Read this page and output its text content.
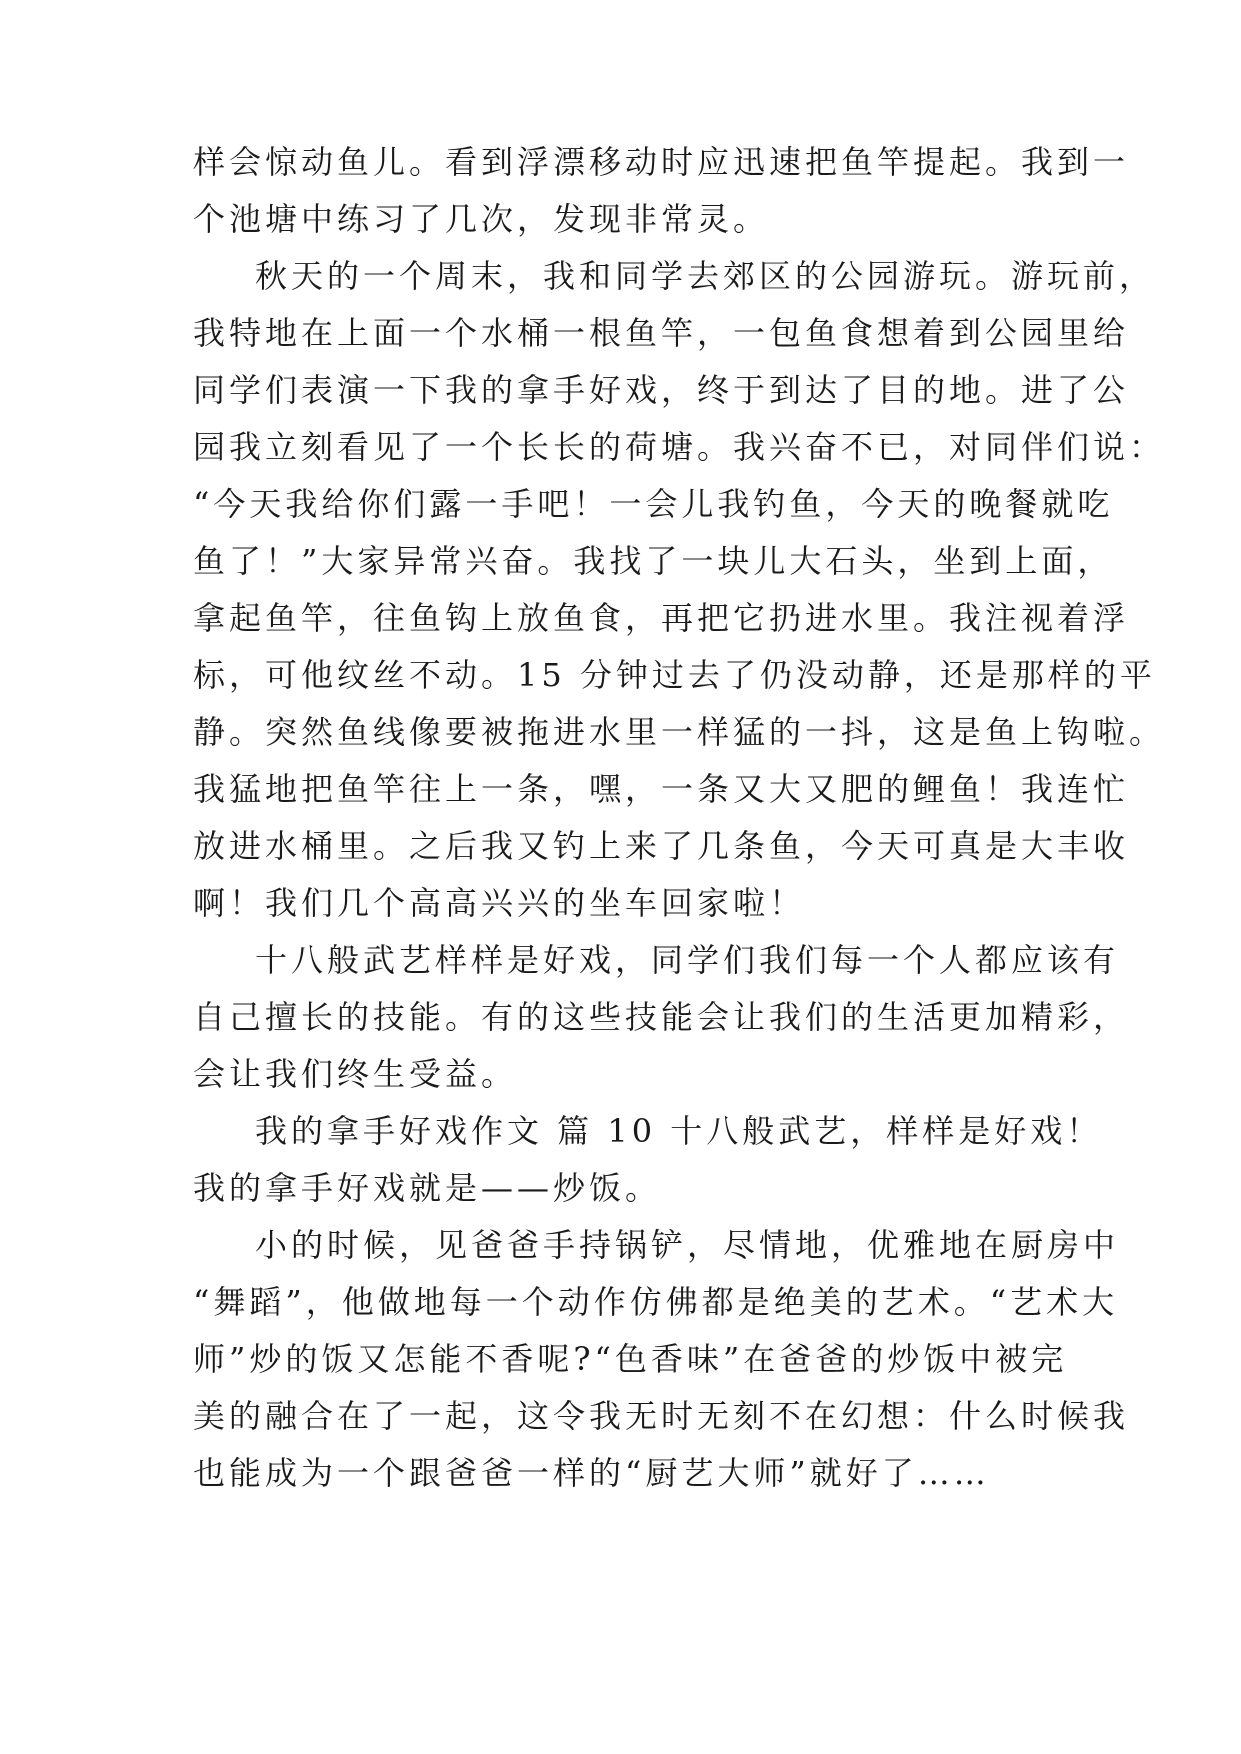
样会惊动鱼儿。看到浮漂移动时应迅速把鱼竿提起。我到一
个池塘中练习了几次，发现非常灵。
秋天的一个周末，我和同学去郊区的公园游玩。游玩前，
我特地在上面一个水桶一根鱼竿，一包鱼食想着到公园里给
同学们表演一下我的拿手好戏，终于到达了目的地。进了公
园我立刻看见了一个长长的荷塘。我兴奋不已，对同伴们说：
“今天我给你们露一手吧！一会儿我钓鱼，今天的晚餐就吃
鱼了！”大家异常兴奋。我找了一块儿大石头，坐到上面，
拿起鱼竿，往鱼钩上放鱼食，再把它扔进水里。我注视着浮
标，可他纹丝不动。15 分钟过去了仍没动静，还是那样的平
静。突然鱼线像要被拖进水里一样猛的一抖，这是鱼上钩啦。
我猛地把鱼竿往上一条，嘿，一条又大又肥的鲤鱼！我连忙
放进水桶里。之后我又钓上来了几条鱼，今天可真是大丰收
啊！我们几个高高兴兴的坐车回家啦！
十八般武艺样样是好戏，同学们我们每一个人都应该有
自己擅长的技能。有的这些技能会让我们的生活更加精彩，
会让我们终生受益。
我的拿手好戏作文 篇 10 十八般武艺，样样是好戏！
我的拿手好戏就是——炒饭。
小的时候，见爸爸手持锅铲，尽情地，优雅地在厨房中
“舞蹈”，他做地每一个动作仿佛都是绝美的艺术。“艺术大
师”炒的饭又怎能不香呢?“色香味”在爸爸的炒饭中被完
美的融合在了一起，这令我无时无刻不在幻想：什么时候我
也能成为一个跟爸爸一样的“厨艺大师”就好了……
